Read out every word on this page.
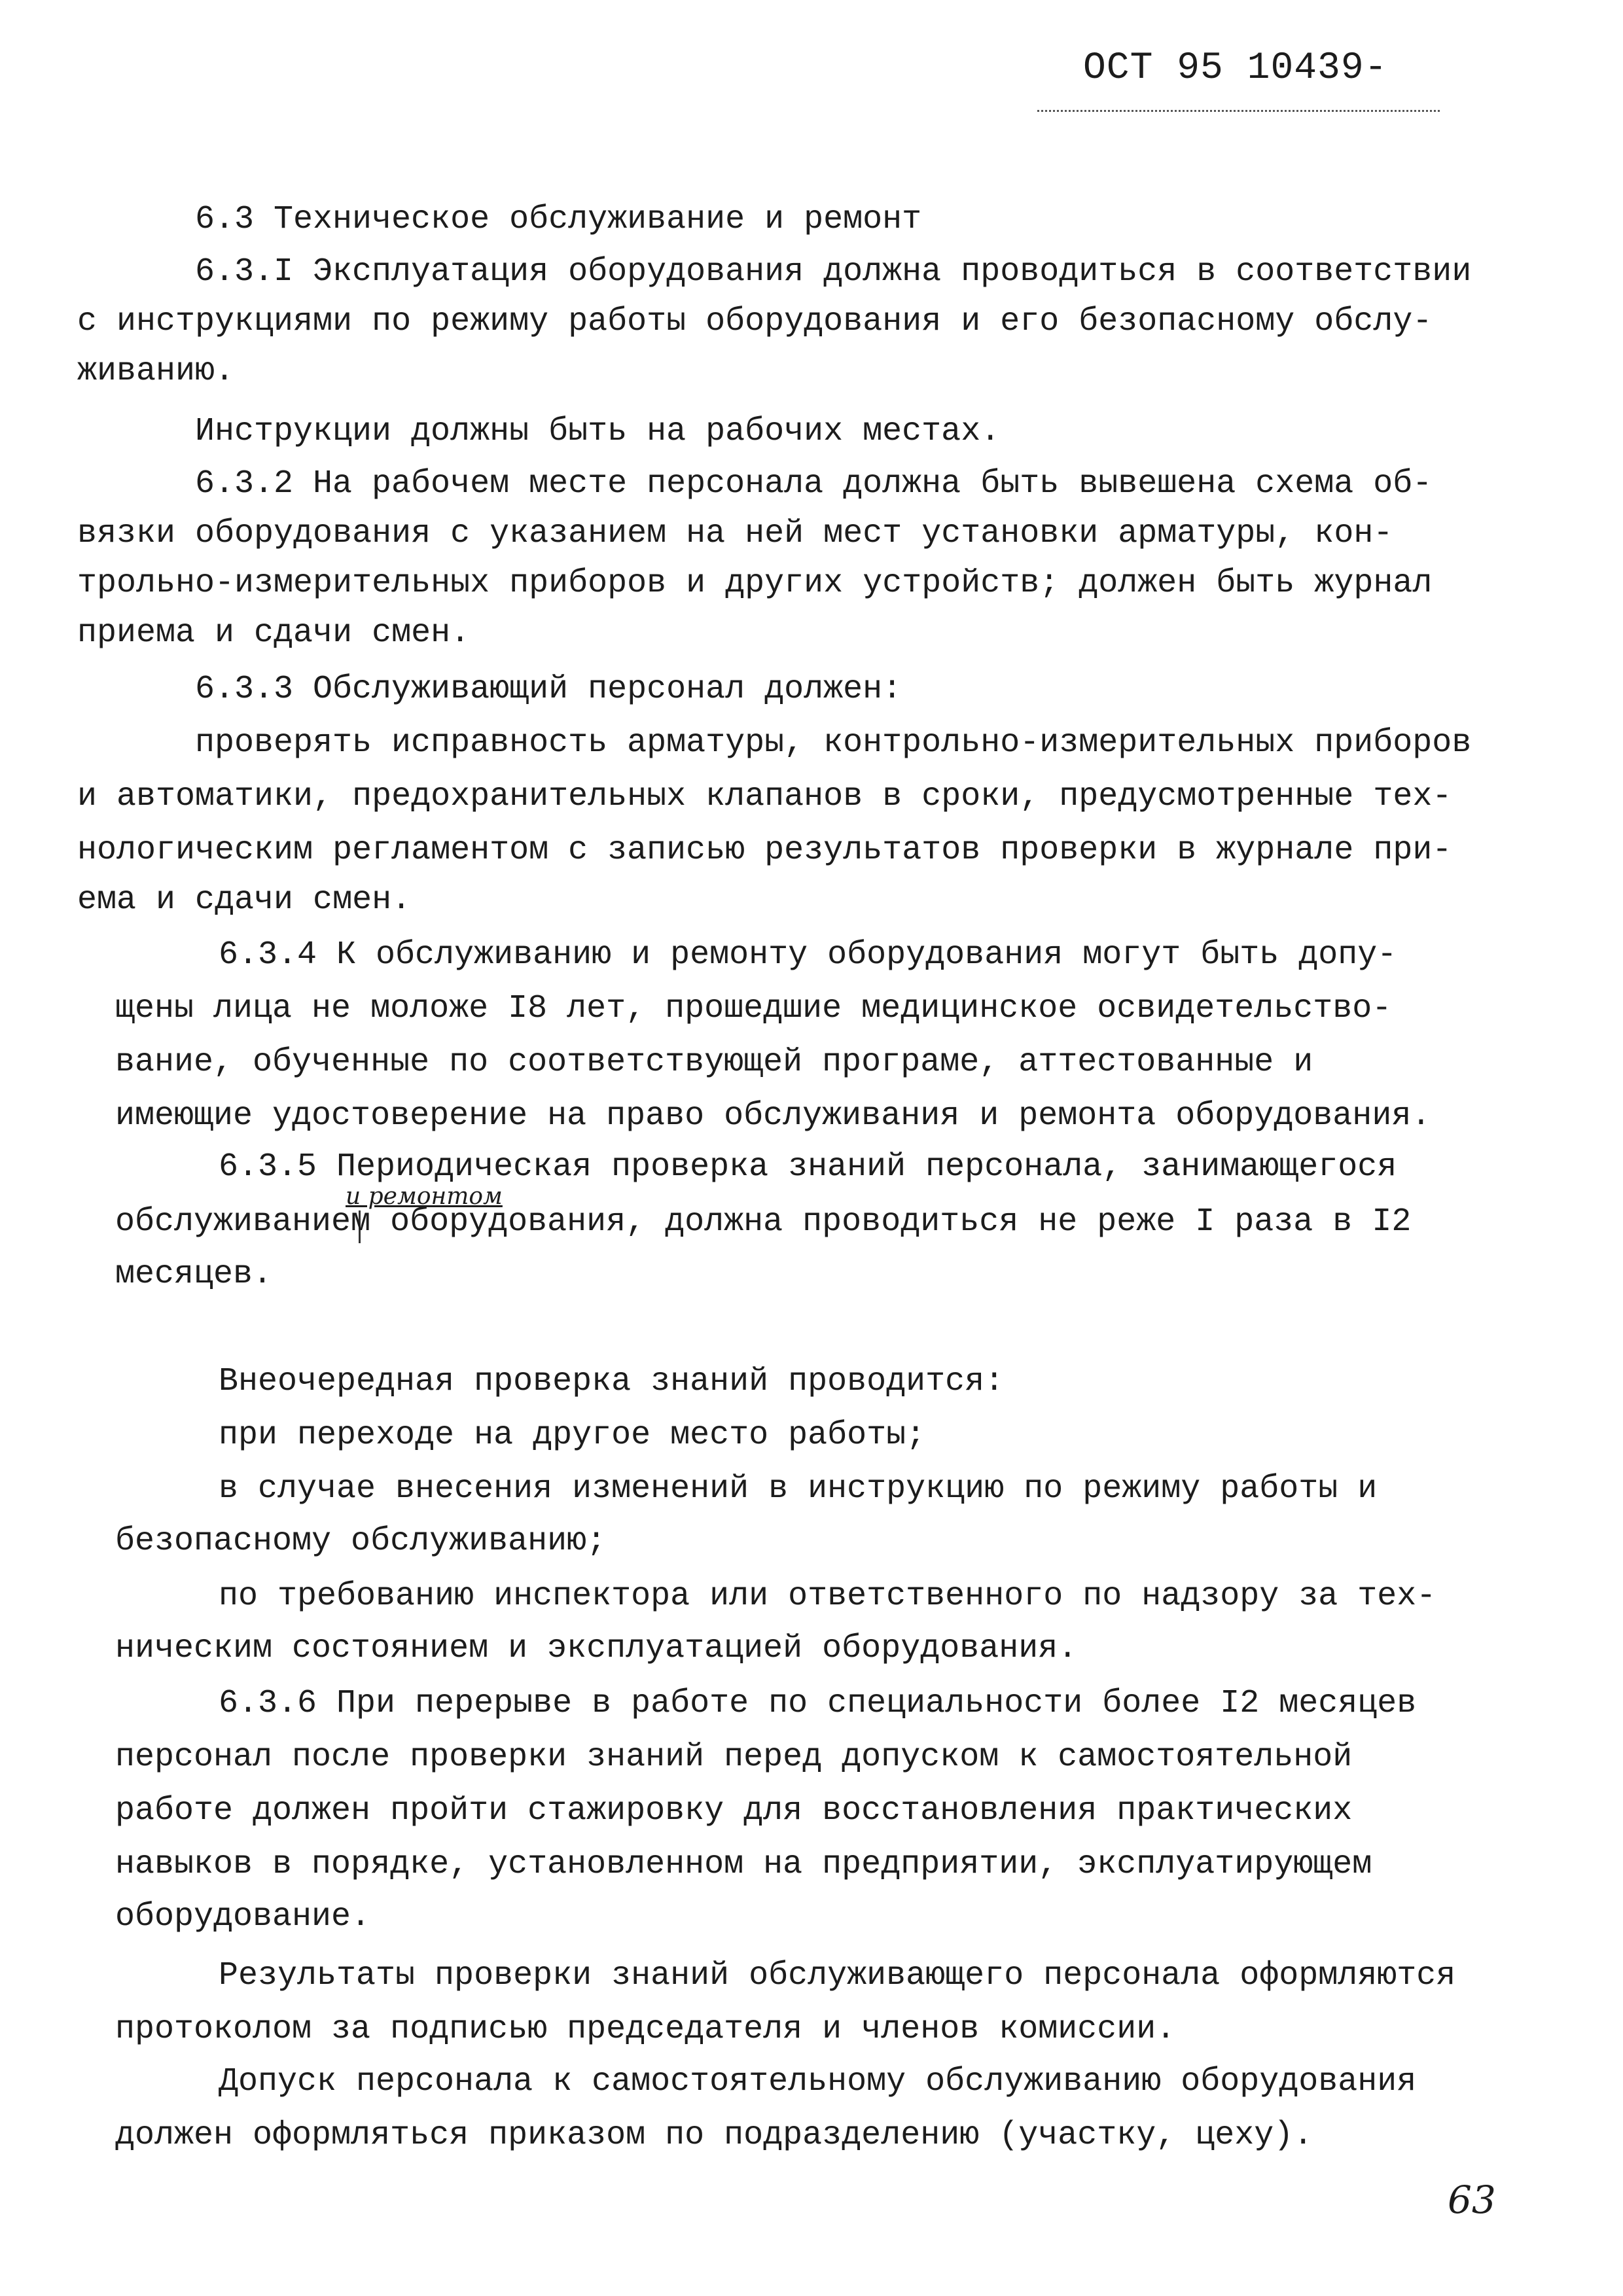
ОСТ 95 10439-
6.3 Техническое обслуживание и ремонт
6.3.I Эксплуатация оборудования должна проводиться в соответствии
с инструкциями по режиму работы оборудования и его безопасному обслу-
живанию.
Инструкции должны быть на рабочих местах.
6.3.2 На рабочем месте персонала должна быть вывешена схема об-
вязки оборудования с указанием на ней мест установки арматуры, кон-
трольно-измерительных приборов и других устройств; должен быть журнал
приема и сдачи смен.
6.3.3 Обслуживающий персонал должен:
проверять исправность арматуры, контрольно-измерительных приборов
и автоматики, предохранительных клапанов в сроки, предусмотренные тех-
нологическим регламентом с записью результатов проверки в журнале при-
ема и сдачи смен.
6.3.4 К обслуживанию и ремонту оборудования могут быть допу-
щены лица не моложе I8 лет, прошедшие медицинское освидетельство-
вание, обученные по соответствующей програме, аттестованные и
имеющие удостоверение на право обслуживания и ремонта оборудования.
6.3.5 Периодическая проверка знаний персонала, занимающегося
и ремонтом
обслуживанием оборудования, должна проводиться не реже I раза в I2
месяцев.
Внеочередная проверка знаний проводится:
при переходе на другое место работы;
в случае внесения изменений в инструкцию по режиму работы и
безопасному обслуживанию;
по требованию инспектора или ответственного по надзору за тех-
ническим состоянием и эксплуатацией оборудования.
6.3.6 При перерыве в работе по специальности более I2 месяцев
персонал после проверки знаний перед допуском к самостоятельной
работе должен пройти стажировку для восстановления практических
навыков в порядке, установленном на предприятии, эксплуатирующем
оборудование.
Результаты проверки знаний обслуживающего персонала оформляются
протоколом за подписью председателя и членов комиссии.
Допуск персонала к самостоятельному обслуживанию оборудования
должен оформляться приказом по подразделению (участку, цеху).
63
